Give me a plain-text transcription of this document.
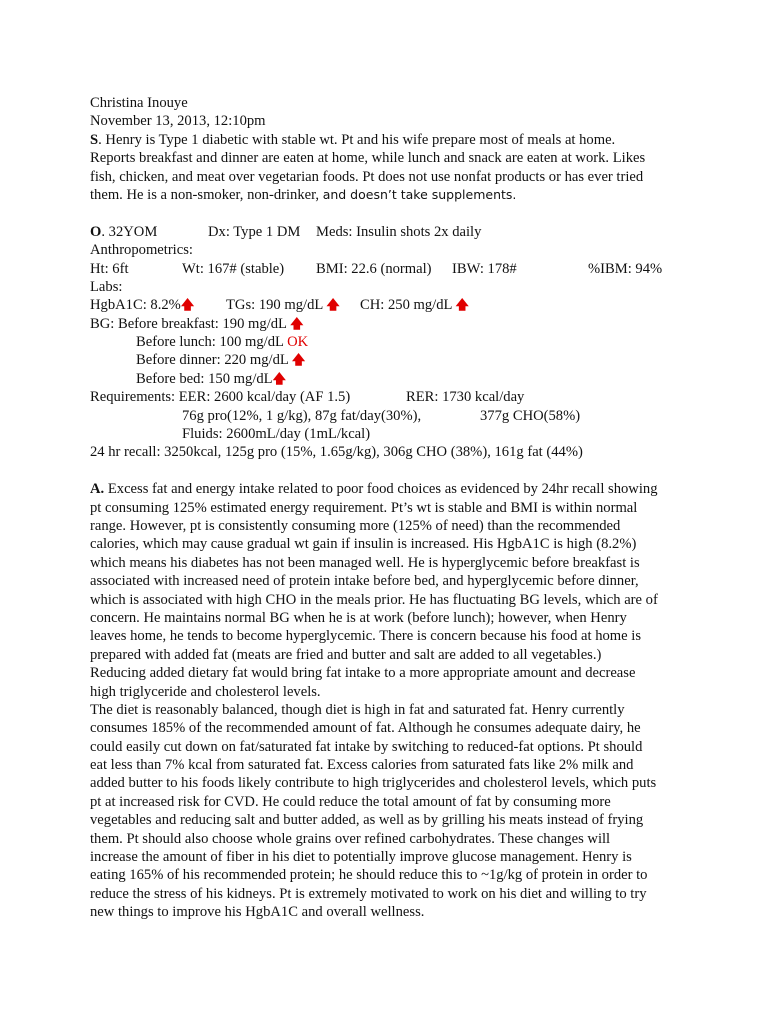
Christina Inouye
November 13, 2013, 12:10pm
S. Henry is Type 1 diabetic with stable wt. Pt and his wife prepare most of meals at home.
Reports breakfast and dinner are eaten at home, while lunch and snack are eaten at work. Likes
fish, chicken, and meat over vegetarian foods. Pt does not use nonfat products or has ever tried
them. He is a non-smoker, non-drinker, and doesn’t take supplements.
O. 32YOM	Dx: Type 1 DM Meds: Insulin shots 2x daily
Anthropometrics:
Ht: 6ft	Wt: 167# (stable) BMI: 22.6 (normal) IBW: 178#	%IBM: 94%
Labs:
HgbA1C: 8.2%🡅 TGs: 190 mg/dL 🡅 CH: 250 mg/dL 🡅
BG: Before breakfast: 190 mg/dL 🡅
Before lunch: 100 mg/dL OK
Before dinner: 220 mg/dL 🡅
Before bed: 150 mg/dL🡅
Requirements: EER: 2600 kcal/day (AF 1.5)	RER: 1730 kcal/day
76g pro(12%, 1 g/kg), 87g fat/day(30%),	377g CHO(58%)
Fluids: 2600mL/day (1mL/kcal)
24 hr recall: 3250kcal, 125g pro (15%, 1.65g/kg), 306g CHO (38%), 161g fat (44%)
A. Excess fat and energy intake related to poor food choices as evidenced by 24hr recall showing
pt consuming 125% estimated energy requirement. Pt’s wt is stable and BMI is within normal
range. However, pt is consistently consuming more (125% of need) than the recommended
calories, which may cause gradual wt gain if insulin is increased. His HgbA1C is high (8.2%)
which means his diabetes has not been managed well. He is hyperglycemic before breakfast is
associated with increased need of protein intake before bed, and hyperglycemic before dinner,
which is associated with high CHO in the meals prior. He has fluctuating BG levels, which are of
concern. He maintains normal BG when he is at work (before lunch); however, when Henry
leaves home, he tends to become hyperglycemic. There is concern because his food at home is
prepared with added fat (meats are fried and butter and salt are added to all vegetables.)
Reducing added dietary fat would bring fat intake to a more appropriate amount and decrease
high triglyceride and cholesterol levels.
The diet is reasonably balanced, though diet is high in fat and saturated fat. Henry currently
consumes 185% of the recommended amount of fat. Although he consumes adequate dairy, he
could easily cut down on fat/saturated fat intake by switching to reduced-fat options. Pt should
eat less than 7% kcal from saturated fat. Excess calories from saturated fats like 2% milk and
added butter to his foods likely contribute to high triglycerides and cholesterol levels, which puts
pt at increased risk for CVD. He could reduce the total amount of fat by consuming more
vegetables and reducing salt and butter added, as well as by grilling his meats instead of frying
them. Pt should also choose whole grains over refined carbohydrates. These changes will
increase the amount of fiber in his diet to potentially improve glucose management. Henry is
eating 165% of his recommended protein; he should reduce this to ~1g/kg of protein in order to
reduce the stress of his kidneys. Pt is extremely motivated to work on his diet and willing to try
new things to improve his HgbA1C and overall wellness.
